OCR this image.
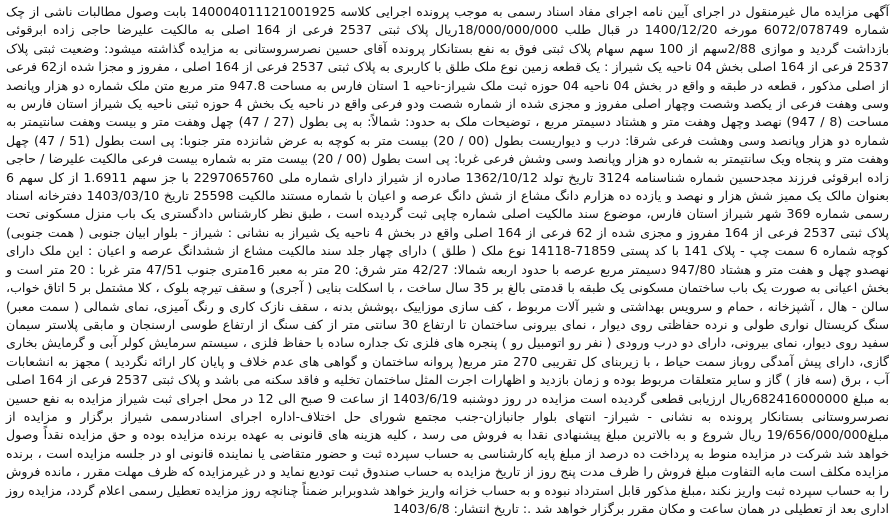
آگهی مزایده مال غیرمنقول در اجرای آیین نامه اجرای مفاد اسناد رسمی به موجب پرونده اجرایی کلاسه 140004011121001925 بابت وصول مطالبات ناشی از چک شماره 6072/078749 مورخه 1400/12/20 در قبال طلب 18/000/000/000ریال پلاک ثبتی 2537 فرعی از 164 اصلی به مالکیت علیرضا حاجی زاده ابرقوئی بازداشت گردید و موازی 2/88سهم از 100 سهم سهام پلاک ثبتی فوق به نفع بستانکار پرونده آقای حسین نصرسروستانی به مزایده گذاشته میشود: وضعیت ثبتی پلاک 2537 فرعی از 164 اصلی بخش 04 ناحیه یک شیراز : یک قطعه زمین نوع ملک طلق با کاربری به پلاک ثبتی 2537 فرعی از 164 اصلی ، مفروز و مجزا شده از62 فرعی از اصلی مذکور ، قطعه در طبقه و واقع در بخش 04 ناحیه 04 حوزه ثبت ملک شیراز-ناحیه 1 استان فارس به مساحت 947.8 متر مربع متن ملک شماره دو هزار وپانصد وسی وهفت فرعی از یکصد وشصت وچهار اصلی مفروز و مجزی شده از شماره شصت ودو فرعی واقع در ناحیه یک بخش 4 حوزه ثبتی ناحیه یک شیراز استان فارس به مساحت (8 / 947) نهصد وچهل وهفت متر و هشتاد دسیمتر مربع ، توضیحات ملک به حدود: شمالاً: به پی بطول (27 / 47) چهل وهفت متر و بیست وهفت سانتیمتر به شماره دو هزار وپانصد وسی وهشت فرعی شرقا: درب و دیواریست بطول (00 / 20) بیست متر به کوچه به عرض شانزده متر جنوبا: پی است بطول (51 / 47) چهل وهفت متر و پنجاه ویک سانتیمتر به شماره دو هزار وپانصد وسی وشش فرعی غربا: پی است بطول (00 / 20) بیست متر به شماره بیست فرعی مالکیت علیرضا / حاجی زاده ابرقوئی فرزند مجدحسین شماره شناسنامه 3124 تاریخ تولد 1362/10/12 صادره از شیراز دارای شماره ملی 2297065760 با جز سهم 1.6911 از کل سهم 6 بعنوان مالک یک ممیز شش هزار و نهصد و یازده ده هزارم دانگ مشاع از شش دانگ عرصه و اعیان با شماره مستند مالکیت 25598 تاریخ 1403/03/10 دفترخانه اسناد رسمی شماره 369 شهر شیراز استان فارس، موضوع سند مالکیت اصلی شماره چاپی ثبت گردیده است ، طبق نظر کارشناس دادگستری یک باب منزل مسکونی تحت پلاک ثبتی 2537 فرعی از 164 مفروز و مجزی شده از 62 فرعی از 164 اصلی واقع در بخش 4 ناحیه یک شیراز به نشانی : شیراز - بلوار ابیان جنوبی ( همت جنوبی) کوچه شماره 6 سمت چپ - پلاک 141 با کد پستی 71859-14118 نوع ملک ( طلق ) دارای چهار جلد سند مالکیت مشاع از ششدانگ عرصه و اعیان : این ملک دارای نهصدو چهل و هفت متر و هشتاد 947/80 دسیمتر مربع عرصه با حدود اربعه شمالا: 42/27 متر شرق: 20 متر به معبر 16متری جنوب 47/51 متر غربا : 20 متر است و بخش اعیانی به صورت یک باب ساختمان مسکونی یک طبقه با قدمتی بالغ بر 35 سال ساخت ، با اسکلت بنایی ( آجری) و سقف تیرچه بلوک ، کلا مشتمل بر 5 اتاق خواب، سالن - هال ، آشپزخانه ، حمام و سرویس بهداشتی و شیر آلات مربوط ، کف سازی موزاییک ،پوشش بدنه ، سقف نازک کاری و رنگ آمیزی، نمای شمالی ( سمت معبر) سنگ کریستال نواری طولی و نرده حفاظتی روی دیوار ، نمای بیرونی ساختمان تا ارتفاع 30 سانتی متر از کف سنگ از ارتفاع طوسی ارسنجان و مابقی پلاستر سیمان سفید روی دیوار، نمای بیرونی، دارای دو درب ورودی ( نفر رو اتومبیل رو ) پنجره های فلزی تک جداره ساده با حفاظ فلزی ، سیستم سرمایش کولر آبی و گرمایش بخاری گازی، دارای پیش آمدگی روباز سمت حیاط ، با زیربنای کل تقریبی 270 متر مربع( پروانه ساختمان و گواهی های عدم خلاف و پایان کار ارائه نگردید ) مجهز به انشعابات آب ، برق (سه فاز ) گاز و سایر متعلقات مربوط بوده و زمان بازدید و اظهارات اجرت المثل ساختمان تخلیه و فاقد سکنه می باشد و پلاک ثبتی 2537 فرعی از 164 اصلی به مبلغ 682416000000ریال ارزیابی قطعی گردیده است مزایده در روز دوشنبه 1403/6/19 از ساعت 9 صبح الی 12 در محل اجرای ثبت شیراز مزایده به نفع حسین نصرسروستانی بستانکار پرونده به نشانی - شیراز- انتهای بلوار جانبازان-جنب مجتمع شورای حل اختلاف-اداره اجرای اسنادرسمی شیراز برگزار و مزایده از مبلغ19/656/000/000 ریال شروع و به بالاترین مبلغ پیشنهادی نقدا به فروش می رسد ، کلیه هزینه های قانونی به عهده برنده مزایده بوده و حق مزایده نقداً وصول خواهد شد شرکت در مزایده منوط به پرداخت ده درصد از مبلغ پایه کارشناسی به حساب سپرده ثبت و حضور متقاضی یا نماینده قانونی او در جلسه مزایده است ، برنده مزایده مکلف است مابه التفاوت مبلغ فروش را ظرف مدت پنج روز از تاریخ مزایده به حساب صندوق ثبت تودیع نماید و در غیرمزایده که ظرف مهلت مقرر ، مانده فروش را به حساب سپرده ثبت واریز نکند ،مبلغ مذکور قابل استرداد نبوده و به حساب خزانه واریز خواهد شدوبرابر ضمناً چنانچه روز مزایده تعطیل رسمی اعلام گردد، مزایده روز اداری بعد از تعطیلی در همان ساعت و مکان مقرر برگزار خواهد شد .: تاریخ انتشار: 1403/6/8
